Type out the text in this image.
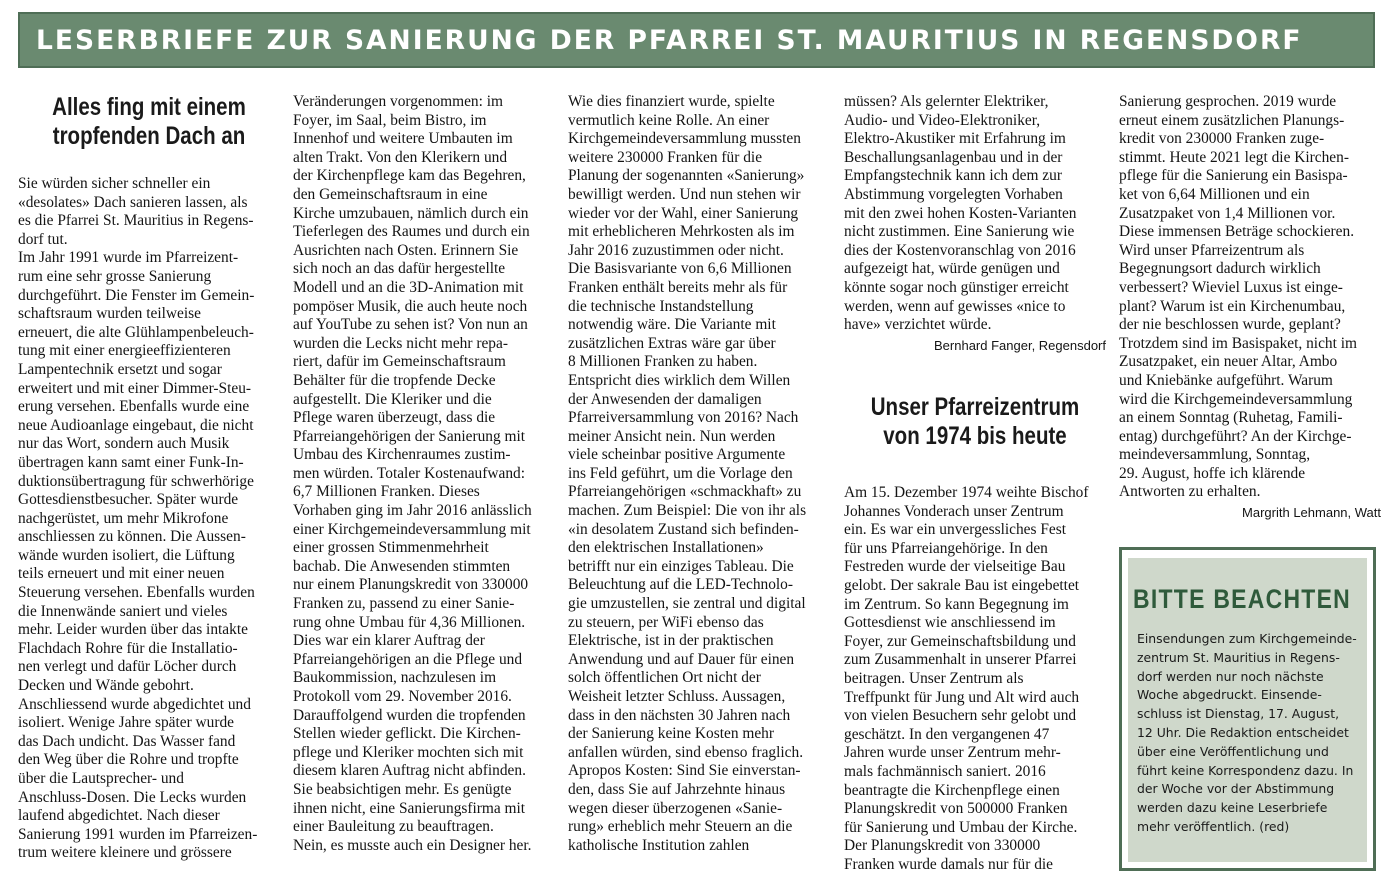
LESERBRIEFE ZUR SANIERUNG DER PFARREI ST. MAURITIUS IN REGENSDORF
Alles fing mit einem
tropfenden Dach an

Sie würden sicher schneller ein
«desolates» Dach sanieren lassen, als
es die Pfarrei St. Mauritius in Regens-
dorf tut.
Im Jahr 1991 wurde im Pfarreizent-
rum eine sehr grosse Sanierung
durchgeführt. Die Fenster im Gemein-
schaftsraum wurden teilweise
erneuert, die alte Glühlampenbeleuch-
tung mit einer energieeffizienteren
Lampentechnik ersetzt und sogar
erweitert und mit einer Dimmer-Steu-
erung versehen. Ebenfalls wurde eine
neue Audioanlage eingebaut, die nicht
nur das Wort, sondern auch Musik
übertragen kann samt einer Funk-In-
duktionsübertragung für schwerhörige
Gottesdienstbesucher. Später wurde
nachgerüstet, um mehr Mikrofone
anschliessen zu können. Die Aussen-
wände wurden isoliert, die Lüftung
teils erneuert und mit einer neuen
Steuerung versehen. Ebenfalls wurden
die Innenwände saniert und vieles
mehr. Leider wurden über das intakte
Flachdach Rohre für die Installatio-
nen verlegt und dafür Löcher durch
Decken und Wände gebohrt.
Anschliessend wurde abgedichtet und
isoliert. Wenige Jahre später wurde
das Dach undicht. Das Wasser fand
den Weg über die Rohre und tropfte
über die Lautsprecher- und
Anschluss-Dosen. Die Lecks wurden
laufend abgedichtet. Nach dieser
Sanierung 1991 wurden im Pfarreizen-
trum weitere kleinere und grössere

Veränderungen vorgenommen: im
Foyer, im Saal, beim Bistro, im
Innenhof und weitere Umbauten im
alten Trakt. Von den Klerikern und
der Kirchenpflege kam das Begehren,
den Gemeinschaftsraum in eine
Kirche umzubauen, nämlich durch ein
Tieferlegen des Raumes und durch ein
Ausrichten nach Osten. Erinnern Sie
sich noch an das dafür hergestellte
Modell und an die 3D-Animation mit
pompöser Musik, die auch heute noch
auf YouTube zu sehen ist? Von nun an
wurden die Lecks nicht mehr repa-
riert, dafür im Gemeinschaftsraum
Behälter für die tropfende Decke
aufgestellt. Die Kleriker und die
Pflege waren überzeugt, dass die
Pfarreiangehörigen der Sanierung mit
Umbau des Kirchenraumes zustim-
men würden. Totaler Kostenaufwand:
6,7 Millionen Franken. Dieses
Vorhaben ging im Jahr 2016 anlässlich
einer Kirchgemeindeversammlung mit
einer grossen Stimmenmehrheit
bachab. Die Anwesenden stimmten
nur einem Planungskredit von 330000
Franken zu, passend zu einer Sanie-
rung ohne Umbau für 4,36 Millionen.
Dies war ein klarer Auftrag der
Pfarreiangehörigen an die Pflege und
Baukommission, nachzulesen im
Protokoll vom 29. November 2016.
Darauffolgend wurden die tropfenden
Stellen wieder geflickt. Die Kirchen-
pflege und Kleriker mochten sich mit
diesem klaren Auftrag nicht abfinden.
Sie beabsichtigen mehr. Es genügte
ihnen nicht, eine Sanierungsfirma mit
einer Bauleitung zu beauftragen.
Nein, es musste auch ein Designer her.

Wie dies finanziert wurde, spielte
vermutlich keine Rolle. An einer
Kirchgemeindeversammlung mussten
weitere 230000 Franken für die
Planung der sogenannten «Sanierung»
bewilligt werden. Und nun stehen wir
wieder vor der Wahl, einer Sanierung
mit erheblicheren Mehrkosten als im
Jahr 2016 zuzustimmen oder nicht.
Die Basisvariante von 6,6 Millionen
Franken enthält bereits mehr als für
die technische Instandstellung
notwendig wäre. Die Variante mit
zusätzlichen Extras wäre gar über
8 Millionen Franken zu haben.
Entspricht dies wirklich dem Willen
der Anwesenden der damaligen
Pfarreiversammlung von 2016? Nach
meiner Ansicht nein. Nun werden
viele scheinbar positive Argumente
ins Feld geführt, um die Vorlage den
Pfarreiangehörigen «schmackhaft» zu
machen. Zum Beispiel: Die von ihr als
«in desolatem Zustand sich befinden-
den elektrischen Installationen»
betrifft nur ein einziges Tableau. Die
Beleuchtung auf die LED-Technolo-
gie umzustellen, sie zentral und digital
zu steuern, per WiFi ebenso das
Elektrische, ist in der praktischen
Anwendung und auf Dauer für einen
solch öffentlichen Ort nicht der
Weisheit letzter Schluss. Aussagen,
dass in den nächsten 30 Jahren nach
der Sanierung keine Kosten mehr
anfallen würden, sind ebenso fraglich.
Apropos Kosten: Sind Sie einverstan-
den, dass Sie auf Jahrzehnte hinaus
wegen dieser überzogenen «Sanie-
rung» erheblich mehr Steuern an die
katholische Institution zahlen

müssen? Als gelernter Elektriker,
Audio- und Video-Elektroniker,
Elektro-Akustiker mit Erfahrung im
Beschallungsanlagenbau und in der
Empfangstechnik kann ich dem zur
Abstimmung vorgelegten Vorhaben
mit den zwei hohen Kosten-Varianten
nicht zustimmen. Eine Sanierung wie
dies der Kostenvoranschlag von 2016
aufgezeigt hat, würde genügen und
könnte sogar noch günstiger erreicht
werden, wenn auf gewisses «nice to
have» verzichtet würde.

Bernhard Fanger, Regensdorf
Unser Pfarreizentrum
von 1974 bis heute

Am 15. Dezember 1974 weihte Bischof
Johannes Vonderach unser Zentrum
ein. Es war ein unvergessliches Fest
für uns Pfarreiangehörige. In den
Festreden wurde der vielseitige Bau
gelobt. Der sakrale Bau ist eingebettet
im Zentrum. So kann Begegnung im
Gottesdienst wie anschliessend im
Foyer, zur Gemeinschaftsbildung und
zum Zusammenhalt in unserer Pfarrei
beitragen. Unser Zentrum als
Treffpunkt für Jung und Alt wird auch
von vielen Besuchern sehr gelobt und
geschätzt. In den vergangenen 47
Jahren wurde unser Zentrum mehr-
mals fachmännisch saniert. 2016
beantragte die Kirchenpflege einen
Planungskredit von 500000 Franken
für Sanierung und Umbau der Kirche.
Der Planungskredit von 330000
Franken wurde damals nur für die

Sanierung gesprochen. 2019 wurde
erneut einem zusätzlichen Planungs-
kredit von 230000 Franken zuge-
stimmt. Heute 2021 legt die Kirchen-
pflege für die Sanierung ein Basispa-
ket von 6,64 Millionen und ein
Zusatzpaket von 1,4 Millionen vor.
Diese immensen Beträge schockieren.
Wird unser Pfarreizentrum als
Begegnungsort dadurch wirklich
verbessert? Wieviel Luxus ist einge-
plant? Warum ist ein Kirchenumbau,
der nie beschlossen wurde, geplant?
Trotzdem sind im Basispaket, nicht im
Zusatzpaket, ein neuer Altar, Ambo
und Kniebänke aufgeführt. Warum
wird die Kirchgemeindeversammlung
an einem Sonntag (Ruhetag, Famili-
entag) durchgeführt? An der Kirchge-
meindeversammlung, Sonntag,
29. August, hoffe ich klärende
Antworten zu erhalten.

Margrith Lehmann, Watt
BITTE BEACHTEN

Einsendungen zum Kirchgemeinde-
zentrum St. Mauritius in Regens-
dorf werden nur noch nächste
Woche abgedruckt. Einsende-
schluss ist Dienstag, 17. August,
12 Uhr. Die Redaktion entscheidet
über eine Veröffentlichung und
führt keine Korrespondenz dazu. In
der Woche vor der Abstimmung
werden dazu keine Leserbriefe
mehr veröffentlich. (red)
